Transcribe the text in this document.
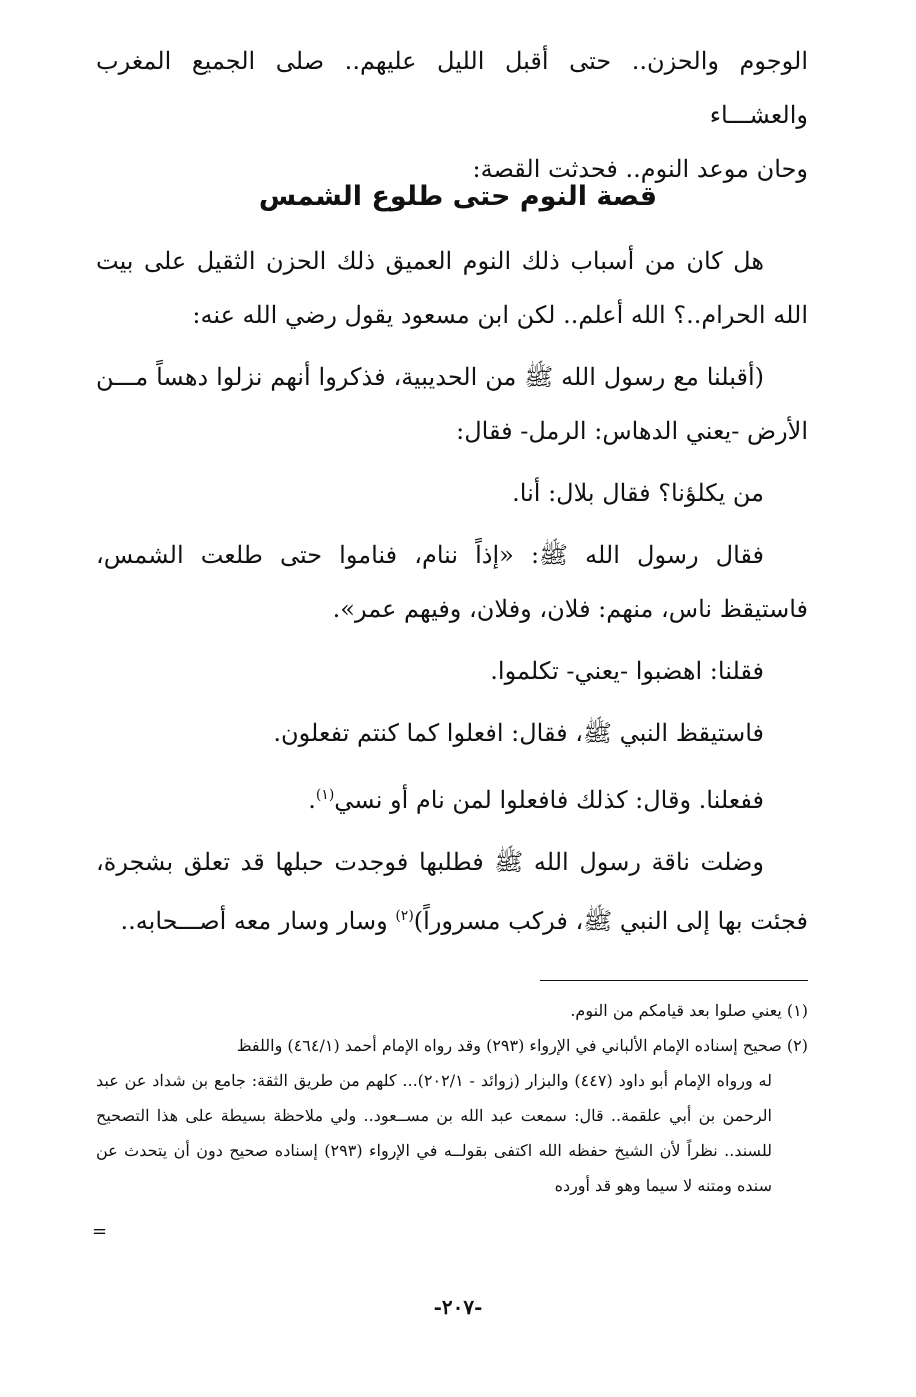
الوجوم والحزن.. حتى أقبل الليل عليهم.. صلى الجميع المغرب والعشـــاء

وحان موعد النوم.. فحدثت القصة:

قصة النوم حتى طلوع الشمس

هل كان من أسباب ذلك النوم العميق ذلك الحزن الثقيل على بيت الله الحرام..؟ الله أعلم.. لكن ابن مسعود يقول رضي الله عنه:

(أقبلنا مع رسول الله ﷺ من الحديبية، فذكروا أنهم نزلوا دهساً مـــن الأرض -يعني الدهاس: الرمل- فقال:

من يكلؤنا؟ فقال بلال: أنا.

فقال رسول الله ﷺ: «إذاً ننام، فناموا حتى طلعت الشمس، فاستيقظ ناس، منهم: فلان، وفلان، وفيهم عمر».

فقلنا: اهضبوا -يعني- تكلموا.

فاستيقظ النبي ﷺ، فقال: افعلوا كما كنتم تفعلون.

ففعلنا. وقال: كذلك فافعلوا لمن نام أو نسي$^{(١)}$.

وضلت ناقة رسول الله ﷺ فطلبها فوجدت حبلها قد تعلق بشجرة، فجئت بها إلى النبي ﷺ، فركب مسروراً)$^{(٢)}$ وسار وسار معه أصـــحابه..

(١) يعني صلوا بعد قيامكم من النوم.

(٢) صحيح إسناده الإمام الألباني في الإرواء (٢٩٣) وقد رواه الإمام أحمد (٤٦٤/١) واللفظ

له ورواه الإمام أبو داود (٤٤٧) والبزار (زوائد - ٢٠٢/١)... كلهم من طريق الثقة: جامع بن شداد عن عبد الرحمن بن أبي علقمة.. قال: سمعت عبد الله بن مســعود.. ولي ملاحظة بسيطة على هذا التصحيح للسند.. نظراً لأن الشيخ حفظه الله اكتفى بقولــه في الإرواء (٢٩٣) إسناده صحيح دون أن يتحدث عن سنده ومتنه لا سيما وهو قد أورده

=
-٢٠٧-
